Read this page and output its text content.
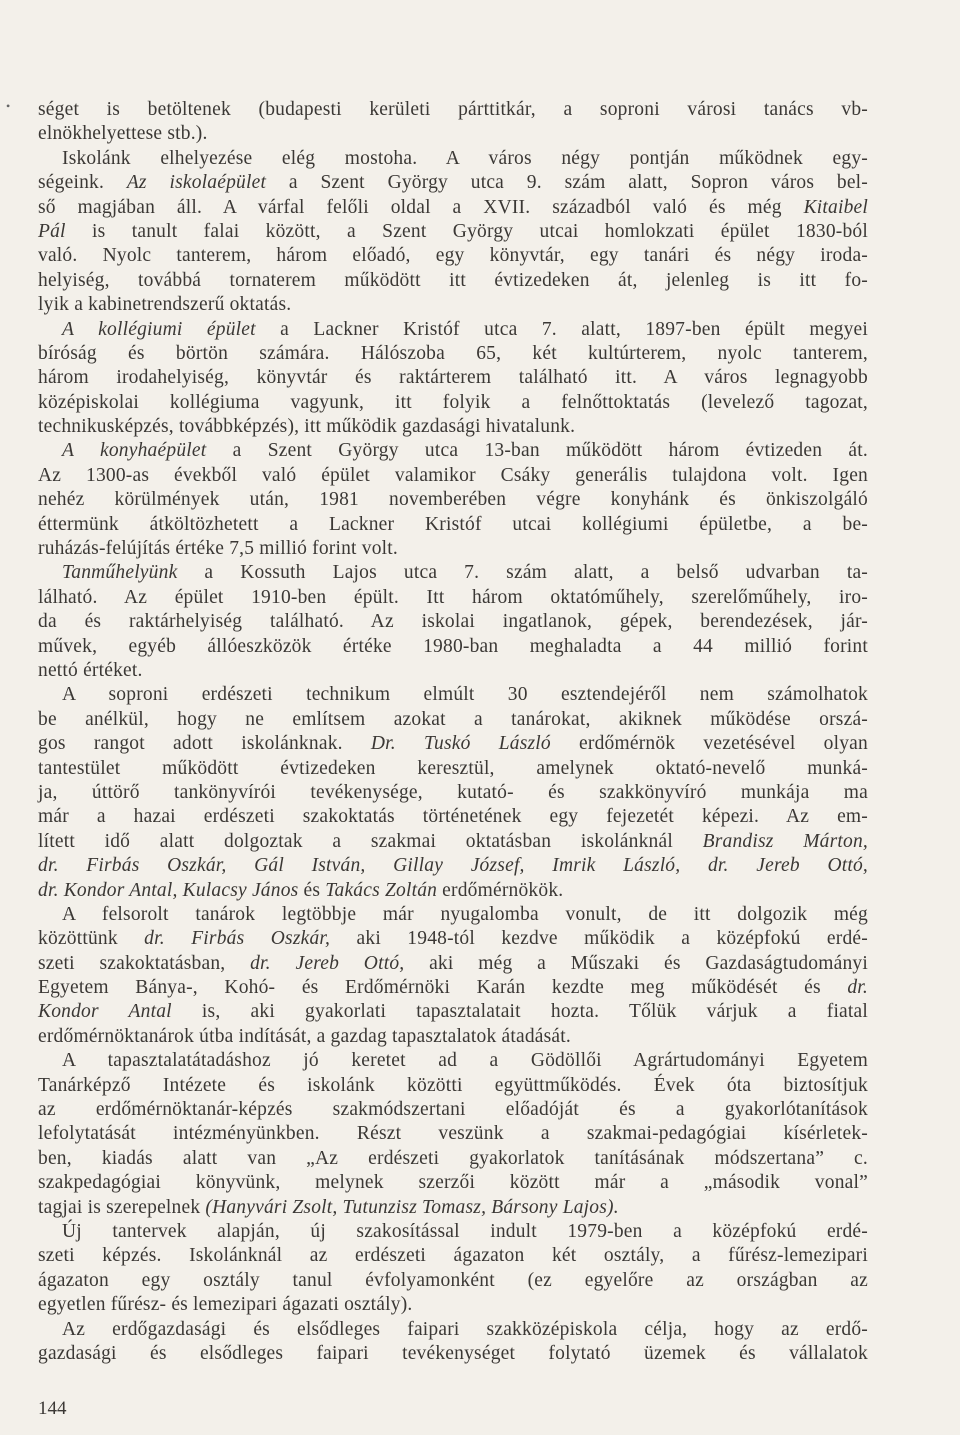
• séget is betöltenek (budapesti kerületi párttitkár, a soproni városi tanács vb-
elnökhelyettese stb.).
Iskolánk elhelyezése elég mostoha. A város négy pontján működnek egy-
ségeink. Az iskolaépület a Szent György utca 9. szám alatt, Sopron város bel-
ső magjában áll. A várfal felőli oldal a XVII. századból való és még Kitaibel
Pál is tanult falai között, a Szent György utcai homlokzati épület 1830-ból
való. Nyolc tanterem, három előadó, egy könyvtár, egy tanári és négy iroda-
helyiség, továbbá tornaterem működött itt évtizedeken át, jelenleg is itt fo-
lyik a kabinetrendszerű oktatás.
A kollégiumi épület a Lackner Kristóf utca 7. alatt, 1897-ben épült megyei
bíróság és börtön számára. Hálószoba 65, két kultúrterem, nyolc tanterem,
három irodahelyiség, könyvtár és raktárterem található itt. A város legnagyobb
középiskolai kollégiuma vagyunk, itt folyik a felnőttoktatás (levelező tagozat,
technikusképzés, továbbképzés), itt működik gazdasági hivatalunk.
A konyhaépület a Szent György utca 13-ban működött három évtizeden át.
Az 1300-as évekből való épület valamikor Csáky generális tulajdona volt. Igen
nehéz körülmények után, 1981 novemberében végre konyhánk és önkiszolgáló
éttermünk átköltözhetett a Lackner Kristóf utcai kollégiumi épületbe, a be-
ruházás-felújítás értéke 7,5 millió forint volt.
Tanműhelyünk a Kossuth Lajos utca 7. szám alatt, a belső udvarban ta-
lálható. Az épület 1910-ben épült. Itt három oktatóműhely, szerelőműhely, iro-
da és raktárhelyiség található. Az iskolai ingatlanok, gépek, berendezések, jár-
művek, egyéb állóeszközök értéke 1980-ban meghaladta a 44 millió forint
nettó értéket.
A soproni erdészeti technikum elmúlt 30 esztendejéről nem számolhatok
be anélkül, hogy ne említsem azokat a tanárokat, akiknek működése orszá-
gos rangot adott iskolánknak. Dr. Tuskó László erdőmérnök vezetésével olyan
tantestület működött évtizedeken keresztül, amelynek oktató-nevelő munká-
ja, úttörő tankönyvírói tevékenysége, kutató- és szakkönyvíró munkája ma
már a hazai erdészeti szakoktatás történetének egy fejezetét képezi. Az em-
lített idő alatt dolgoztak a szakmai oktatásban iskolánknál Brandisz Márton,
dr. Firbás Oszkár, Gál István, Gillay József, Imrik László, dr. Jereb Ottó,
dr. Kondor Antal, Kulacsy János és Takács Zoltán erdőmérnökök.
A felsorolt tanárok legtöbbje már nyugalomba vonult, de itt dolgozik még
közöttünk dr. Firbás Oszkár, aki 1948-tól kezdve működik a középfokú erdé-
szeti szakoktatásban, dr. Jereb Ottó, aki még a Műszaki és Gazdaságtudományi
Egyetem Bánya-, Kohó- és Erdőmérnöki Karán kezdte meg működését és dr.
Kondor Antal is, aki gyakorlati tapasztalatait hozta. Tőlük várjuk a fiatal
erdőmérnöktanárok útba indítását, a gazdag tapasztalatok átadását.
A tapasztalatátadáshoz jó keretet ad a Gödöllői Agrártudományi Egyetem
Tanárképző Intézete és iskolánk közötti együttműködés. Évek óta biztosítjuk
az erdőmérnöktanár-képzés szakmódszertani előadóját és a gyakorlótanítások
lefolytatását intézményünkben. Részt veszünk a szakmai-pedagógiai kísérletek-
ben, kiadás alatt van „Az erdészeti gyakorlatok tanításának módszertana” c.
szakpedagógiai könyvünk, melynek szerzői között már a „második vonal”
tagjai is szerepelnek (Hanyvári Zsolt, Tutunzisz Tomasz, Bársony Lajos).
Új tantervek alapján, új szakosítással indult 1979-ben a középfokú erdé-
szeti képzés. Iskolánknál az erdészeti ágazaton két osztály, a fűrész-lemezipari
ágazaton egy osztály tanul évfolyamonként (ez egyelőre az országban az
egyetlen fűrész- és lemezipari ágazati osztály).
Az erdőgazdasági és elsődleges faipari szakközépiskola célja, hogy az erdő-
gazdasági és elsődleges faipari tevékenységet folytató üzemek és vállalatok
144
